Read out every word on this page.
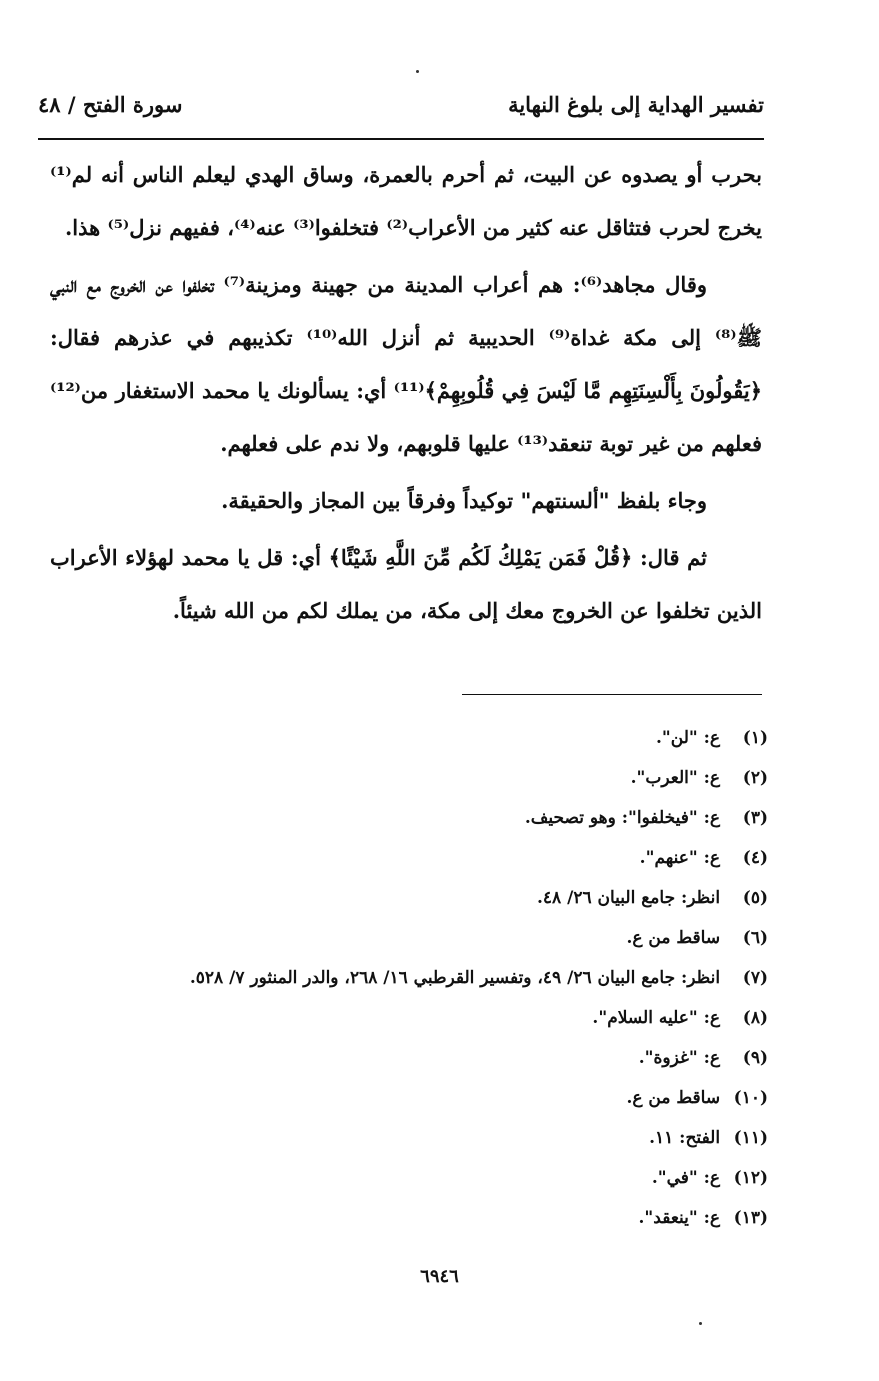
تفسير الهداية إلى بلوغ النهاية
سورة الفتح / ٤٨

بحرب أو يصدوه عن البيت، ثم أحرم بالعمرة، وساق الهدي ليعلم الناس أنه لم⁽¹⁾ يخرج لحرب فتثاقل عنه كثير من الأعراب⁽²⁾ فتخلفوا⁽³⁾ عنه⁽⁴⁾، ففيهم نزل⁽⁵⁾ هذا.

وقال مجاهد⁽⁶⁾: هم أعراب المدينة من جهينة ومزينة⁽⁷⁾ تخلفوا عن الخروج مع النبي ﷺ⁽⁸⁾ إلى مكة غداة⁽⁹⁾ الحديبية ثم أنزل الله⁽¹⁰⁾ تكذيبهم في عذرهم فقال: ﴿يَقُولُونَ بِأَلْسِنَتِهِم مَّا لَيْسَ فِي قُلُوبِهِمْ﴾⁽¹¹⁾ أي: يسألونك يا محمد الاستغفار من⁽¹²⁾ فعلهم من غير توبة تنعقد⁽¹³⁾ عليها قلوبهم، ولا ندم على فعلهم.

وجاء بلفظ "ألسنتهم" توكيداً وفرقاً بين المجاز والحقيقة.

ثم قال: ﴿قُلْ فَمَن يَمْلِكُ لَكُم مِّنَ اللَّهِ شَيْئًا﴾ أي: قل يا محمد لهؤلاء الأعراب الذين تخلفوا عن الخروج معك إلى مكة، من يملك لكم من الله شيئاً.

(١) ع: "لن".
(٢) ع: "العرب".
(٣) ع: "فيخلفوا": وهو تصحيف.
(٤) ع: "عنهم".
(٥) انظر: جامع البيان ٢٦/ ٤٨.
(٦) ساقط من ع.
(٧) انظر: جامع البيان ٢٦/ ٤٩، وتفسير القرطبي ١٦/ ٢٦٨، والدر المنثور ٧/ ٥٢٨.
(٨) ع: "عليه السلام".
(٩) ع: "غزوة".
(١٠) ساقط من ع.
(١١) الفتح: ١١.
(١٢) ع: "في".
(١٣) ع: "ينعقد".
٦٩٤٦
